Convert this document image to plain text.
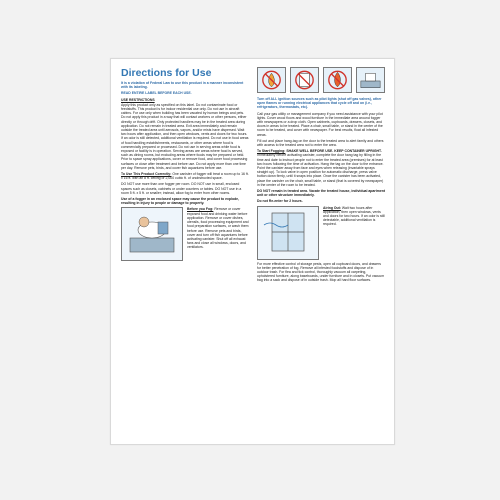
Directions for Use
It is a violation of Federal Law to use this product in a manner inconsistent with its labeling.
READ ENTIRE LABEL BEFORE EACH USE.
USE RESTRICTIONS
Apply this product only as specified on this label. Do not contaminate food or feedstuffs. This product is for indoor residential use only. Do not use in aircraft cabins. For use only when building has been vacated by human beings and pets. Do not apply this product in a way that will contact workers or other persons, either directly or through drift. Only protected handlers may be in the treated area during application. Do not remain in treated area. Exit area immediately and remain outside the treated area until aerosols, vapors, and/or mists have dispersed. Wait two hours after application, and then open windows, vents and doors for two hours. If an odor is still detected, additional ventilation is required. Do not use in food areas of food handling establishments, restaurants, or other areas where food is commercially prepared or processed. Do not use in serving areas while food is exposed or facility is in operation. Serving areas are areas where food is served, such as dining rooms, but excluding areas where foods may be prepared or held. Prior to space spray applications, cover or remove food, and cover food processing surfaces or close after treatment and before use. Do not apply more than one time per day. Remove pets, birds, and cover fish aquariums before use.
To Use This Product Correctly: One canister of fogger will treat a room up to 16 ft. x 16 ft. with an 8 ft. ceiling or 2,000 cubic ft. of unobstructed space.
DO NOT use more than one fogger per room. DO NOT use in small, enclosed spaces such as closets, cabinets or under counters or tables. DO NOT use in a room 5 ft. x 5 ft. or smaller; instead, allow fog to enter from other rooms.
Use of a fogger in an enclosed space may cause the product to explode, resulting in injury to people or damage to property.
Before you Fog: Remove or cover exposed food and drinking water before application. Remove or cover dishes, utensils, food processing equipment and food preparation surfaces, or wash them before use. Remove pets and birds, cover and turn off fish aquariums before activating canister. Shut off all exhaust fans and close all windows, doors, and ventilators.
Turn off ALL ignition sources such as pilot lights (shut off gas valves), other open flames or running electrical appliances that cycle off and on (i.e., refrigerators, thermostats, etc).
Call your gas utility or management company if you need assistance with your pilot lights. Cover wood floors and wood furniture in the immediate area around fogger with newspapers or a drop cloth. Open cabinets, cupboards, drawers, closets, and doors in areas to be treated. Place a chair, small table, or stand in the center of the room to be treated, and cover with newspaper. For best results, float all infested areas.
Fill out and place hang-tag on the door to the treated area to alert family and others with access to the treated area not to enter the area.
To Start Fogging: SHAKE WELL BEFORE USE. KEEP CONTAINER UPRIGHT. Immediately before activating canister, complete the door hang tag by filling in the time and date to instruct people not to enter the treated area (premises) for at least two hours following the time of activation. Hang the tag on the door to the entrance. Point the canister away from face and eyes when releasing (invariable sprays straight up). To lock valve in open position for automatic discharge, press valve button down firmly, until it snaps into place. Once the canister has been activated, place the canister on the chair, small table, or stand (that is covered by newspaper) in the center of the room to be treated.
DO NOT remain in treated area. Vacate the treated house, individual apartment unit or other structure immediately.
Do not Re-enter for 2 hours.
Airing Out: Wait two hours after application, then open windows, vents and doors for two hours. If an odor is still detectable, additional ventilation is required.
For more effective control of storage pests, open all cupboard doors, and drawers for better penetration of fog. Remove all infested foodstuffs and dispose of in outdoor trash. For flea and tick control, thoroughly vacuum all carpeting, upholstered furniture, along baseboards, under furniture and in closets. Put vacuum bag into a sack and dispose of in outside trash. Mop all hard floor surfaces.
